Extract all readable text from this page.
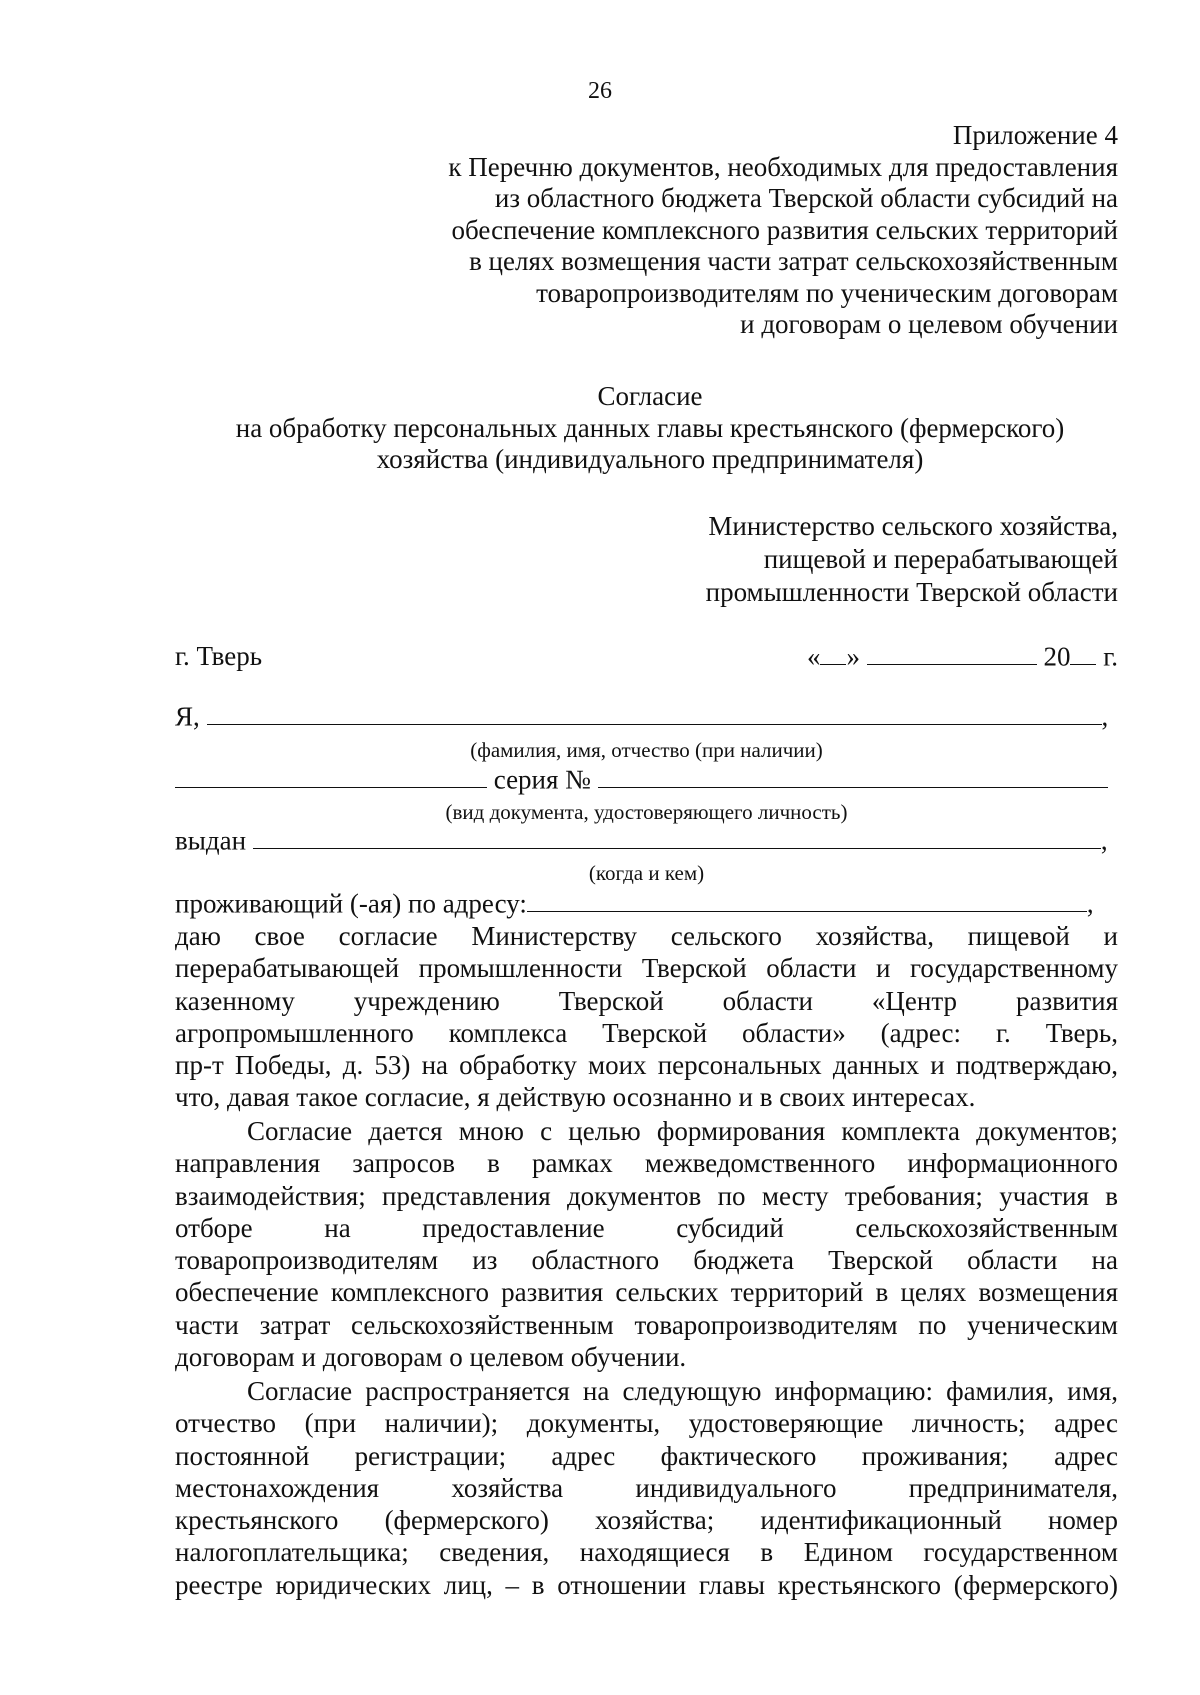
26
Приложение 4
к Перечню документов, необходимых для предоставления
из областного бюджета Тверской области субсидий на
обеспечение комплексного развития сельских территорий
в целях возмещения части затрат сельскохозяйственным
товаропроизводителям по ученическим договорам
и договорам о целевом обучении
Согласие
на обработку персональных данных главы крестьянского (фермерского)
хозяйства (индивидуального предпринимателя)
Министерство сельского хозяйства,
пищевой и перерабатывающей
промышленности Тверской области
г. Тверь	« »	20 г.
Я,	,
(фамилия, имя, отчество (при наличии)
серия №
(вид документа, удостоверяющего личность)
выдан	,
(когда и кем)
проживающий (-ая) по адресу:	,
даю свое согласие Министерству сельского хозяйства, пищевой и
перерабатывающей промышленности Тверской области и государственному
казенному учреждению Тверской области «Центр развития
агропромышленного комплекса Тверской области» (адрес: г. Тверь,
пр-т Победы, д. 53) на обработку моих персональных данных и подтверждаю,
что, давая такое согласие, я действую осознанно и в своих интересах.
Согласие дается мною с целью формирования комплекта документов;
направления запросов в рамках межведомственного информационного
взаимодействия; представления документов по месту требования; участия в
отборе на предоставление субсидий сельскохозяйственным
товаропроизводителям из областного бюджета Тверской области на
обеспечение комплексного развития сельских территорий в целях возмещения
части затрат сельскохозяйственным товаропроизводителям по ученическим
договорам и договорам о целевом обучении.
Согласие распространяется на следующую информацию: фамилия, имя,
отчество (при наличии); документы, удостоверяющие личность; адрес
постоянной регистрации; адрес фактического проживания; адрес
местонахождения хозяйства индивидуального предпринимателя,
крестьянского (фермерского) хозяйства; идентификационный номер
налогоплательщика; сведения, находящиеся в Едином государственном
реестре юридических лиц, – в отношении главы крестьянского (фермерского)
